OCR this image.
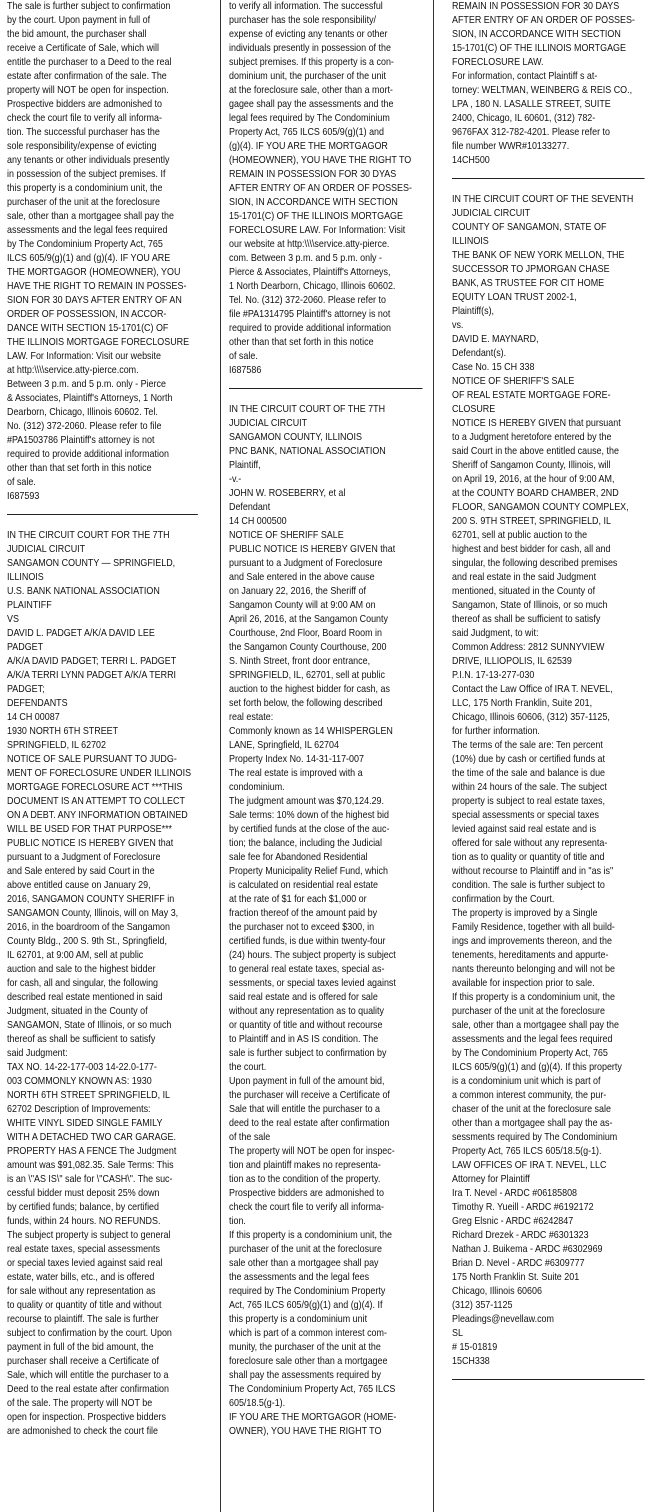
The sale is further subject to confirmation
by the court. Upon payment in full of
the bid amount, the purchaser shall
receive a Certificate of Sale, which will
entitle the purchaser to a Deed to the real
estate after confirmation of the sale. The
property will NOT be open for inspection.
Prospective bidders are admonished to
check the court file to verify all informa-
tion. The successful purchaser has the
sole responsibility/expense of evicting
any tenants or other individuals presently
in possession of the subject premises. If
this property is a condominium unit, the
purchaser of the unit at the foreclosure
sale, other than a mortgagee shall pay the
assessments and the legal fees required
by The Condominium Property Act, 765
ILCS 605/9(g)(1) and (g)(4). IF YOU ARE
THE MORTGAGOR (HOMEOWNER), YOU
HAVE THE RIGHT TO REMAIN IN POSSES-
SION FOR 30 DAYS AFTER ENTRY OF AN
ORDER OF POSSESSION, IN ACCOR-
DANCE WITH SECTION 15-1701(C) OF
THE ILLINOIS MORTGAGE FORECLOSURE
LAW. For Information: Visit our website
at http:\\\\service.atty-pierce.com.
Between 3 p.m. and 5 p.m. only - Pierce
& Associates, Plaintiff's Attorneys, 1 North
Dearborn, Chicago, Illinois 60602. Tel.
No. (312) 372-2060. Please refer to file
#PA1503786 Plaintiff's attorney is not
required to provide additional information
other than that set forth in this notice
of sale.
I687593
IN THE CIRCUIT COURT FOR THE 7TH
JUDICIAL CIRCUIT
SANGAMON COUNTY — SPRINGFIELD,
ILLINOIS
U.S. BANK NATIONAL ASSOCIATION
PLAINTIFF
VS
DAVID L. PADGET A/K/A DAVID LEE
PADGET
A/K/A DAVID PADGET; TERRI L. PADGET
A/K/A TERRI LYNN PADGET A/K/A TERRI
PADGET;
DEFENDANTS
14 CH 00087
1930 NORTH 6TH STREET
SPRINGFIELD, IL 62702
NOTICE OF SALE PURSUANT TO JUDG-
MENT OF FORECLOSURE UNDER ILLINOIS
MORTGAGE FORECLOSURE ACT ***THIS
DOCUMENT IS AN ATTEMPT TO COLLECT
ON A DEBT. ANY INFORMATION OBTAINED
WILL BE USED FOR THAT PURPOSE***
PUBLIC NOTICE IS HEREBY GIVEN that
pursuant to a Judgment of Foreclosure
and Sale entered by said Court in the
above entitled cause on January 29,
2016, SANGAMON COUNTY SHERIFF in
SANGAMON County, Illinois, will on May 3,
2016, in the boardroom of the Sangamon
County Bldg., 200 S. 9th St., Springfield,
IL 62701, at 9:00 AM, sell at public
auction and sale to the highest bidder
for cash, all and singular, the following
described real estate mentioned in said
Judgment, situated in the County of
SANGAMON, State of Illinois, or so much
thereof as shall be sufficient to satisfy
said Judgment:
TAX NO. 14-22-177-003 14-22.0-177-
003 COMMONLY KNOWN AS: 1930
NORTH 6TH STREET SPRINGFIELD, IL
62702 Description of Improvements:
WHITE VINYL SIDED SINGLE FAMILY
WITH A DETACHED TWO CAR GARAGE.
PROPERTY HAS A FENCE The Judgment
amount was $91,082.35. Sale Terms: This
is an \"AS IS\" sale for \"CASH\". The suc-
cessful bidder must deposit 25% down
by certified funds; balance, by certified
funds, within 24 hours. NO REFUNDS.
The subject property is subject to general
real estate taxes, special assessments
or special taxes levied against said real
estate, water bills, etc., and is offered
for sale without any representation as
to quality or quantity of title and without
recourse to plaintiff. The sale is further
subject to confirmation by the court. Upon
payment in full of the bid amount, the
purchaser shall receive a Certificate of
Sale, which will entitle the purchaser to a
Deed to the real estate after confirmation
of the sale. The property will NOT be
open for inspection. Prospective bidders
are admonished to check the court file
to verify all information. The successful
purchaser has the sole responsibility/
expense of evicting any tenants or other
individuals presently in possession of the
subject premises. If this property is a con-
dominium unit, the purchaser of the unit
at the foreclosure sale, other than a mort-
gagee shall pay the assessments and the
legal fees required by The Condominium
Property Act, 765 ILCS 605/9(g)(1) and
(g)(4). IF YOU ARE THE MORTGAGOR
(HOMEOWNER), YOU HAVE THE RIGHT TO
REMAIN IN POSSESSION FOR 30 DYAS
AFTER ENTRY OF AN ORDER OF POSSES-
SION, IN ACCORDANCE WITH SECTION
15-1701(C) OF THE ILLINOIS MORTGAGE
FORECLOSURE LAW. For Information: Visit
our website at http:\\\\service.atty-pierce.
com. Between 3 p.m. and 5 p.m. only -
Pierce & Associates, Plaintiff's Attorneys,
1 North Dearborn, Chicago, Illinois 60602.
Tel. No. (312) 372-2060. Please refer to
file #PA1314795 Plaintiff's attorney is not
required to provide additional information
other than that set forth in this notice
of sale.
I687586
IN THE CIRCUIT COURT OF THE 7TH
JUDICIAL CIRCUIT
SANGAMON COUNTY, ILLINOIS
PNC BANK, NATIONAL ASSOCIATION
Plaintiff,
-v.-
JOHN W. ROSEBERRY, et al
Defendant
14 CH 000500
NOTICE OF SHERIFF SALE
PUBLIC NOTICE IS HEREBY GIVEN that
pursuant to a Judgment of Foreclosure
and Sale entered in the above cause
on January 22, 2016, the Sheriff of
Sangamon County will at 9:00 AM on
April 26, 2016, at the Sangamon County
Courthouse, 2nd Floor, Board Room in
the Sangamon County Courthouse, 200
S. Ninth Street, front door entrance,
SPRINGFIELD, IL, 62701, sell at public
auction to the highest bidder for cash, as
set forth below, the following described
real estate:
Commonly known as 14 WHISPERGLEN
LANE, Springfield, IL 62704
Property Index No. 14-31-117-007
The real estate is improved with a
condominium.
The judgment amount was $70,124.29.
Sale terms: 10% down of the highest bid
by certified funds at the close of the auc-
tion; the balance, including the Judicial
sale fee for Abandoned Residential
Property Municipality Relief Fund, which
is calculated on residential real estate
at the rate of $1 for each $1,000 or
fraction thereof of the amount paid by
the purchaser not to exceed $300, in
certified funds, is due within twenty-four
(24) hours. The subject property is subject
to general real estate taxes, special as-
sessments, or special taxes levied against
said real estate and is offered for sale
without any representation as to quality
or quantity of title and without recourse
to Plaintiff and in AS IS condition. The
sale is further subject to confirmation by
the court.
Upon payment in full of the amount bid,
the purchaser will receive a Certificate of
Sale that will entitle the purchaser to a
deed to the real estate after confirmation
of the sale
The property will NOT be open for inspec-
tion and plaintiff makes no representa-
tion as to the condition of the property.
Prospective bidders are admonished to
check the court file to verify all informa-
tion.
If this property is a condominium unit, the
purchaser of the unit at the foreclosure
sale other than a mortgagee shall pay
the assessments and the legal fees
required by The Condominium Property
Act, 765 ILCS 605/9(g)(1) and (g)(4). If
this property is a condominium unit
which is part of a common interest com-
munity, the purchaser of the unit at the
foreclosure sale other than a mortgagee
shall pay the assessments required by
The Condominium Property Act, 765 ILCS
605/18.5(g-1).
IF YOU ARE THE MORTGAGOR (HOME-
OWNER), YOU HAVE THE RIGHT TO
REMAIN IN POSSESSION FOR 30 DAYS
AFTER ENTRY OF AN ORDER OF POSSES-
SION, IN ACCORDANCE WITH SECTION
15-1701(C) OF THE ILLINOIS MORTGAGE
FORECLOSURE LAW.
For information, contact Plaintiff s at-
torney: WELTMAN, WEINBERG & REIS CO.,
LPA , 180 N. LASALLE STREET, SUITE
2400, Chicago, IL 60601, (312) 782-
9676FAX 312-782-4201. Please refer to
file number WWR#10133277.
14CH500
IN THE CIRCUIT COURT OF THE SEVENTH
JUDICIAL CIRCUIT
COUNTY OF SANGAMON, STATE OF
ILLINOIS
THE BANK OF NEW YORK MELLON, THE
SUCCESSOR TO JPMORGAN CHASE
BANK, AS TRUSTEE FOR CIT HOME
EQUITY LOAN TRUST 2002-1,
Plaintiff(s),
vs.
DAVID E. MAYNARD,
Defendant(s).
Case No. 15 CH 338
NOTICE OF SHERIFF'S SALE
OF REAL ESTATE MORTGAGE FORE-
CLOSURE
NOTICE IS HEREBY GIVEN that pursuant
to a Judgment heretofore entered by the
said Court in the above entitled cause, the
Sheriff of Sangamon County, Illinois, will
on April 19, 2016, at the hour of 9:00 AM,
at the COUNTY BOARD CHAMBER, 2ND
FLOOR, SANGAMON COUNTY COMPLEX,
200 S. 9TH STREET, SPRINGFIELD, IL
62701, sell at public auction to the
highest and best bidder for cash, all and
singular, the following described premises
and real estate in the said Judgment
mentioned, situated in the County of
Sangamon, State of Illinois, or so much
thereof as shall be sufficient to satisfy
said Judgment, to wit:
Common Address: 2812 SUNNYVIEW
DRIVE, ILLIOPOLIS, IL 62539
P.I.N. 17-13-277-030
Contact the Law Office of IRA T. NEVEL,
LLC, 175 North Franklin, Suite 201,
Chicago, Illinois 60606, (312) 357-1125,
for further information.
The terms of the sale are: Ten percent
(10%) due by cash or certified funds at
the time of the sale and balance is due
within 24 hours of the sale. The subject
property is subject to real estate taxes,
special assessments or special taxes
levied against said real estate and is
offered for sale without any representa-
tion as to quality or quantity of title and
without recourse to Plaintiff and in "as is"
condition. The sale is further subject to
confirmation by the Court.
The property is improved by a Single
Family Residence, together with all build-
ings and improvements thereon, and the
tenements, hereditaments and appurte-
nants thereunto belonging and will not be
available for inspection prior to sale.
If this property is a condominium unit, the
purchaser of the unit at the foreclosure
sale, other than a mortgagee shall pay the
assessments and the legal fees required
by The Condominium Property Act, 765
ILCS 605/9(g)(1) and (g)(4). If this property
is a condominium unit which is part of
a common interest community, the pur-
chaser of the unit at the foreclosure sale
other than a mortgagee shall pay the as-
sessments required by The Condominium
Property Act, 765 ILCS 605/18.5(g-1).
LAW OFFICES OF IRA T. NEVEL, LLC
Attorney for Plaintiff
Ira T. Nevel - ARDC #06185808
Timothy R. Yueill - ARDC #6192172
Greg Elsnic - ARDC #6242847
Richard Drezek - ARDC #6301323
Nathan J. Buikema - ARDC #6302969
Brian D. Nevel - ARDC #6309777
175 North Franklin St. Suite 201
Chicago, Illinois 60606
(312) 357-1125
Pleadings@nevellaw.com
SL
# 15-01819
15CH338
